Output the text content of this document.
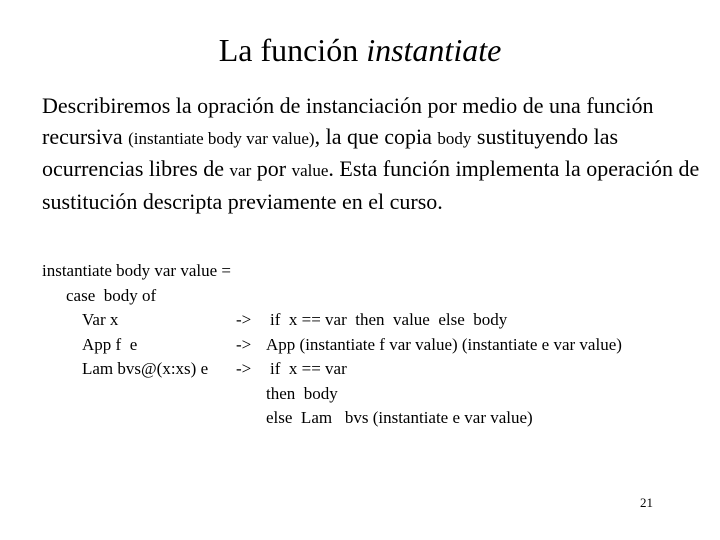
La función instantiate

Describiremos la opración de instanciación por medio de una función recursiva (instantiate body var value), la que copia body sustituyendo las ocurrencias libres de var por value. Esta función implementa la operación de sustitución descripta previamente en el curso.

instantiate body var value =
case  body of
Var x	-> if  x == var  then  value  else  body
App f  e	-> App (instantiate f var value) (instantiate e var value)
Lam bvs@(x:xs) e -> if  x == var
then  body
else  Lam   bvs (instantiate e var value)
21
